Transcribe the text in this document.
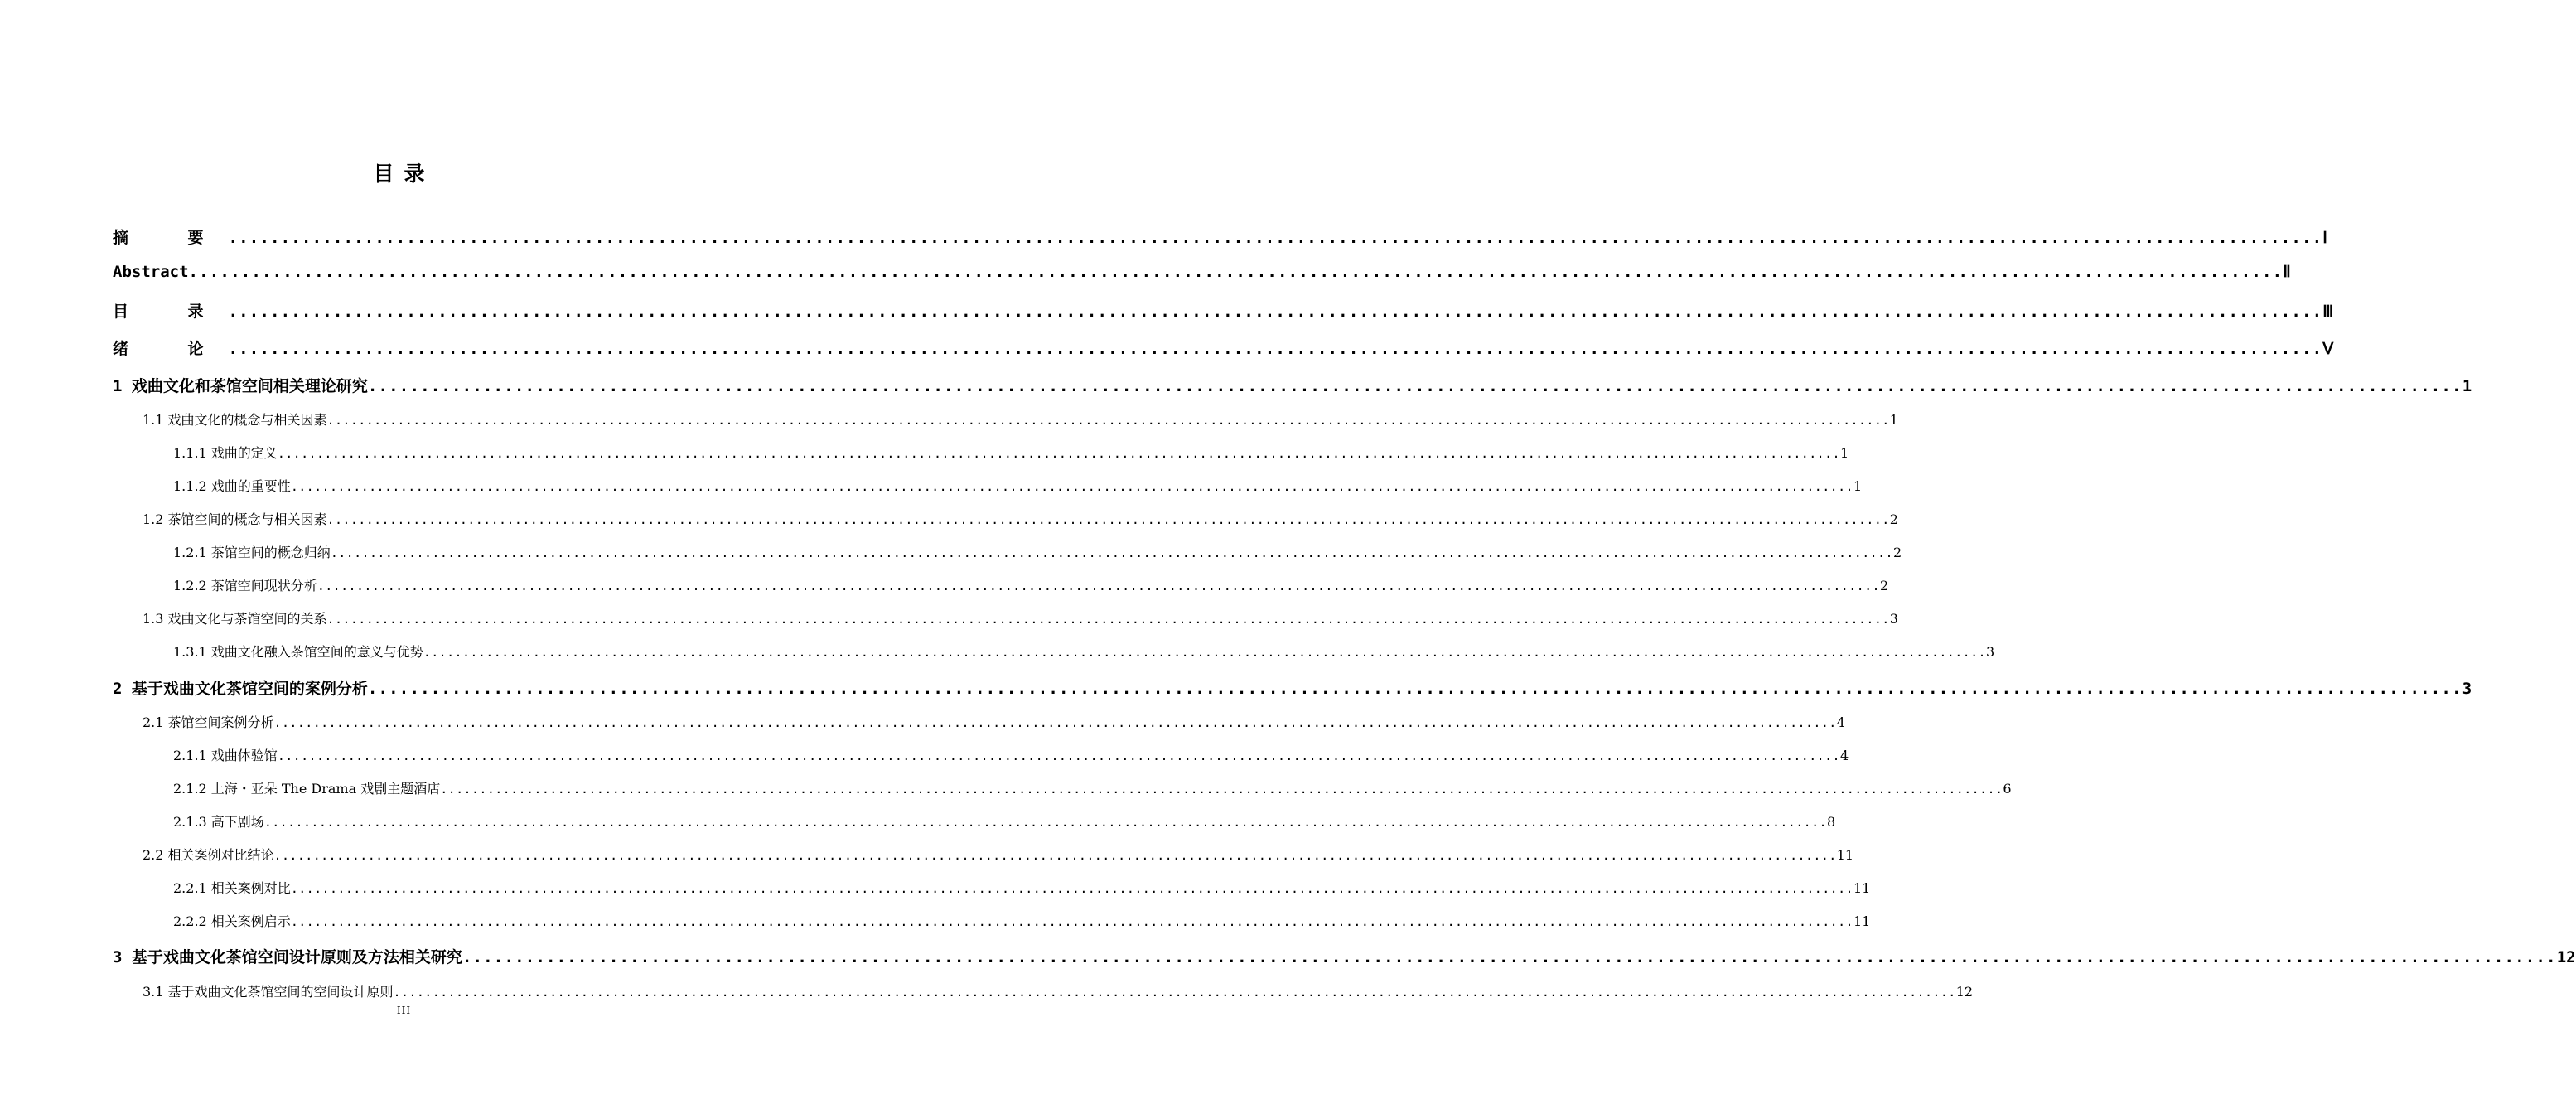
目录
摘 要 ........................................................................................................................................................................................................ Ⅰ
Abstract ........................................................................................................................................................................................................ Ⅱ
目 录 ........................................................................................................................................................................................................ Ⅲ
绪 论 ........................................................................................................................................................................................................ Ⅴ
1 戏曲文化和茶馆空间相关理论研究 ........................................................................................................................................................................................................ 1
1.1 戏曲文化的概念与相关因素 ........................................................................................................................................................................................................ 1
1.1.1 戏曲的定义 ........................................................................................................................................................................................................ 1
1.1.2 戏曲的重要性 ........................................................................................................................................................................................................ 1
1.2 茶馆空间的概念与相关因素 ........................................................................................................................................................................................................ 2
1.2.1 茶馆空间的概念归纳 ........................................................................................................................................................................................................ 2
1.2.2 茶馆空间现状分析 ........................................................................................................................................................................................................ 2
1.3 戏曲文化与茶馆空间的关系 ........................................................................................................................................................................................................ 3
1.3.1 戏曲文化融入茶馆空间的意义与优势 ........................................................................................................................................................................................................ 3
2 基于戏曲文化茶馆空间的案例分析 ........................................................................................................................................................................................................ 3
2.1 茶馆空间案例分析 ........................................................................................................................................................................................................ 4
2.1.1 戏曲体验馆 ........................................................................................................................................................................................................ 4
2.1.2 上海・亚朵 The Drama 戏剧主题酒店 ........................................................................................................................................................................................................ 6
2.1.3 高下剧场 ........................................................................................................................................................................................................ 8
2.2 相关案例对比结论 ........................................................................................................................................................................................................ 11
2.2.1 相关案例对比 ........................................................................................................................................................................................................ 11
2.2.2 相关案例启示 ........................................................................................................................................................................................................ 11
3 基于戏曲文化茶馆空间设计原则及方法相关研究 ........................................................................................................................................................................................................ 12
3.1 基于戏曲文化茶馆空间的空间设计原则 ........................................................................................................................................................................................................ 12
III
